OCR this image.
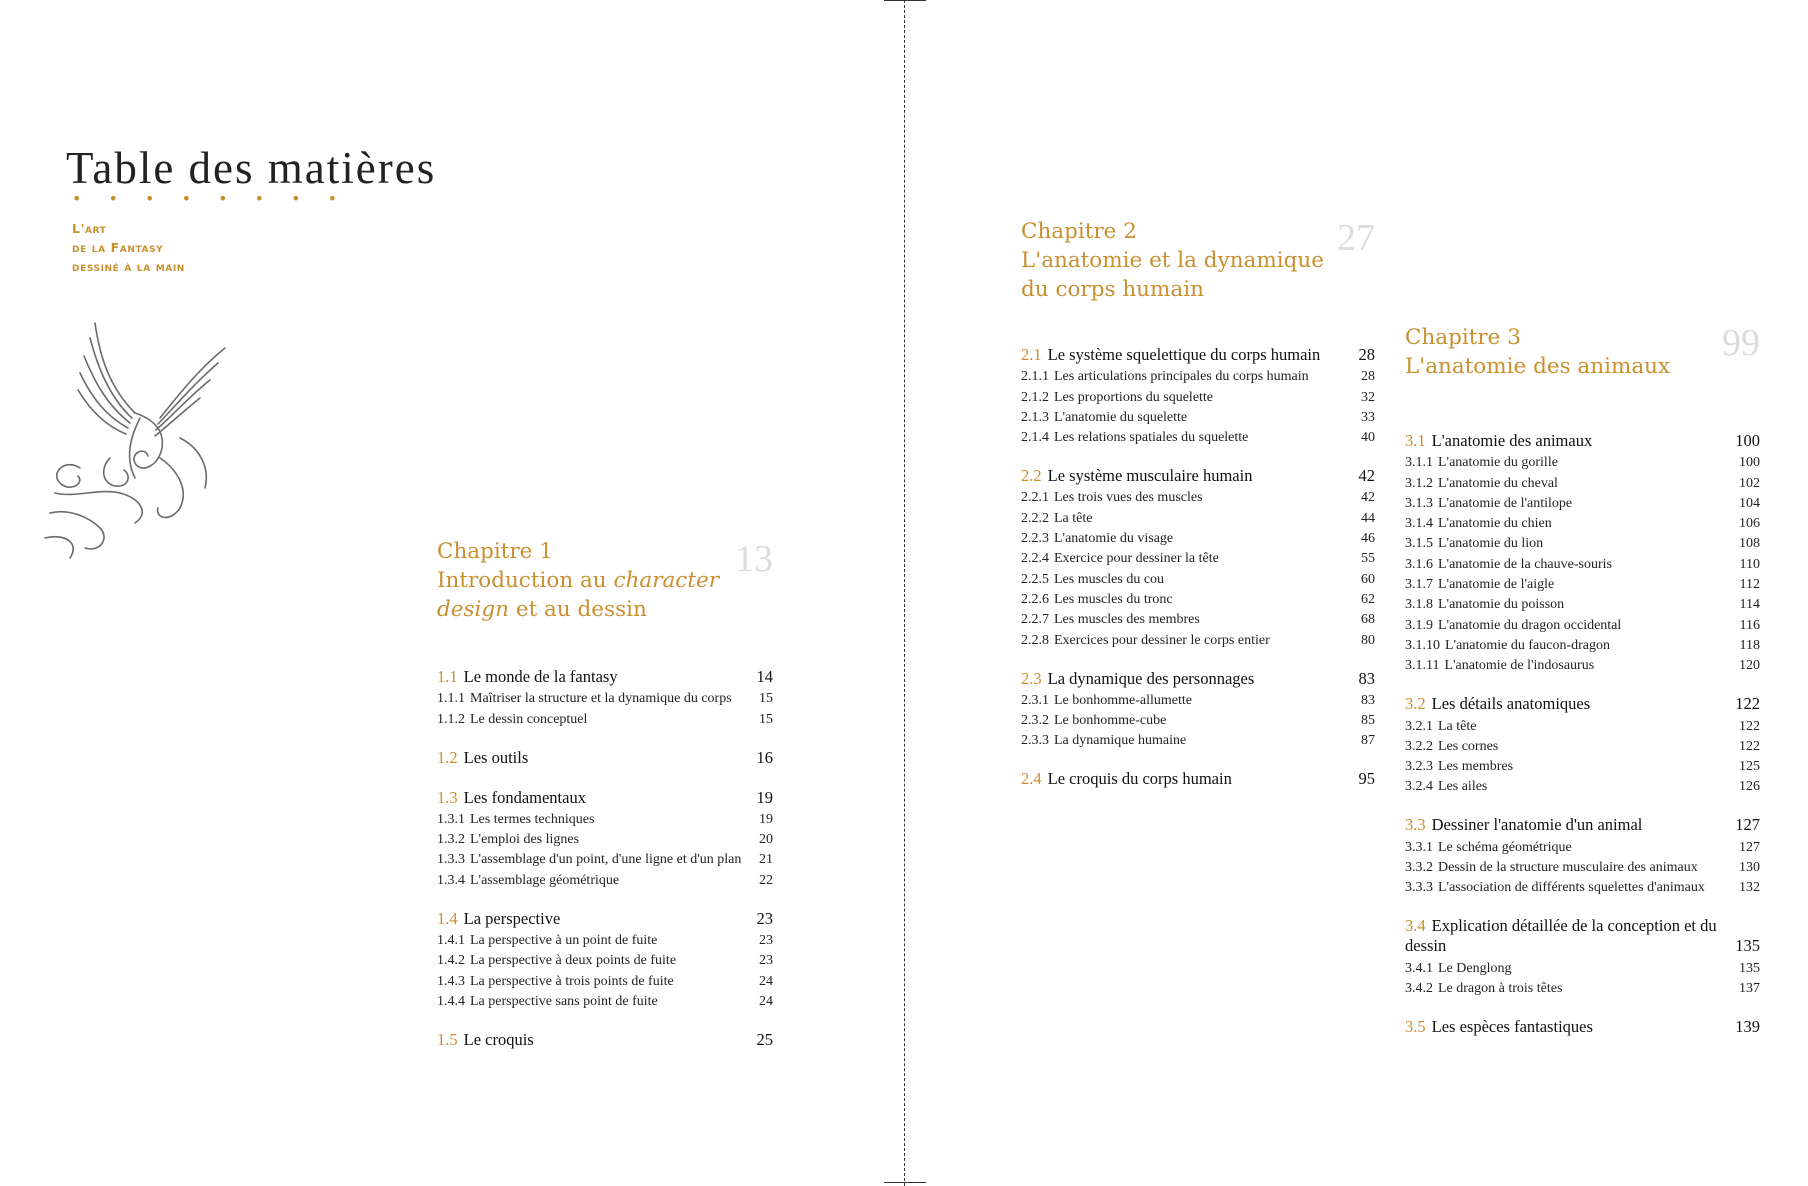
Table des matières
• • • • • • • •
L'art
de la Fantasy
dessiné à la main
13
Chapitre 1
Introduction au character
design et au dessin
1.1 Le monde de la fantasy	14
1.1.1 Maîtriser la structure et la dynamique du corps 15
1.1.2 Le dessin conceptuel	15
1.2 Les outils	16
1.3 Les fondamentaux	19
1.3.1 Les termes techniques	19
1.3.2 L'emploi des lignes	20
1.3.3 L'assemblage d'un point, d'une ligne et d'un plan 21
1.3.4 L'assemblage géométrique	22
1.4 La perspective	23
1.4.1 La perspective à un point de fuite	23
1.4.2 La perspective à deux points de fuite	23
1.4.3 La perspective à trois points de fuite	24
1.4.4 La perspective sans point de fuite	24
1.5 Le croquis	25
27
Chapitre 2
L'anatomie et la dynamique
du corps humain
2.1 Le système squelettique du corps humain 28
2.1.1 Les articulations principales du corps humain	28
2.1.2 Les proportions du squelette	32
2.1.3 L'anatomie du squelette	33
2.1.4 Les relations spatiales du squelette	40
2.2 Le système musculaire humain	42
2.2.1 Les trois vues des muscles	42
2.2.2 La tête	44
2.2.3 L'anatomie du visage	46
2.2.4 Exercice pour dessiner la tête	55
2.2.5 Les muscles du cou	60
2.2.6 Les muscles du tronc	62
2.2.7 Les muscles des membres	68
2.2.8 Exercices pour dessiner le corps entier	80
2.3 La dynamique des personnages	83
2.3.1 Le bonhomme-allumette	83
2.3.2 Le bonhomme-cube	85
2.3.3 La dynamique humaine	87
2.4 Le croquis du corps humain	95
99
Chapitre 3
L'anatomie des animaux
3.1 L'anatomie des animaux	100
3.1.1 L'anatomie du gorille	100
3.1.2 L'anatomie du cheval	102
3.1.3 L'anatomie de l'antilope	104
3.1.4 L'anatomie du chien	106
3.1.5 L'anatomie du lion	108
3.1.6 L'anatomie de la chauve-souris	110
3.1.7 L'anatomie de l'aigle	112
3.1.8 L'anatomie du poisson	114
3.1.9 L'anatomie du dragon occidental	116
3.1.10 L'anatomie du faucon-dragon	118
3.1.11 L'anatomie de l'indosaurus	120
3.2 Les détails anatomiques	122
3.2.1 La tête	122
3.2.2 Les cornes	122
3.2.3 Les membres	125
3.2.4 Les ailes	126
3.3 Dessiner l'anatomie d'un animal	127
3.3.1 Le schéma géométrique	127
3.3.2 Dessin de la structure musculaire des animaux	130
3.3.3 L'association de différents squelettes d'animaux 132
3.4 Explication détaillée de la conception et du dessin	135
3.4.1 Le Denglong	135
3.4.2 Le dragon à trois têtes	137
3.5 Les espèces fantastiques	139
